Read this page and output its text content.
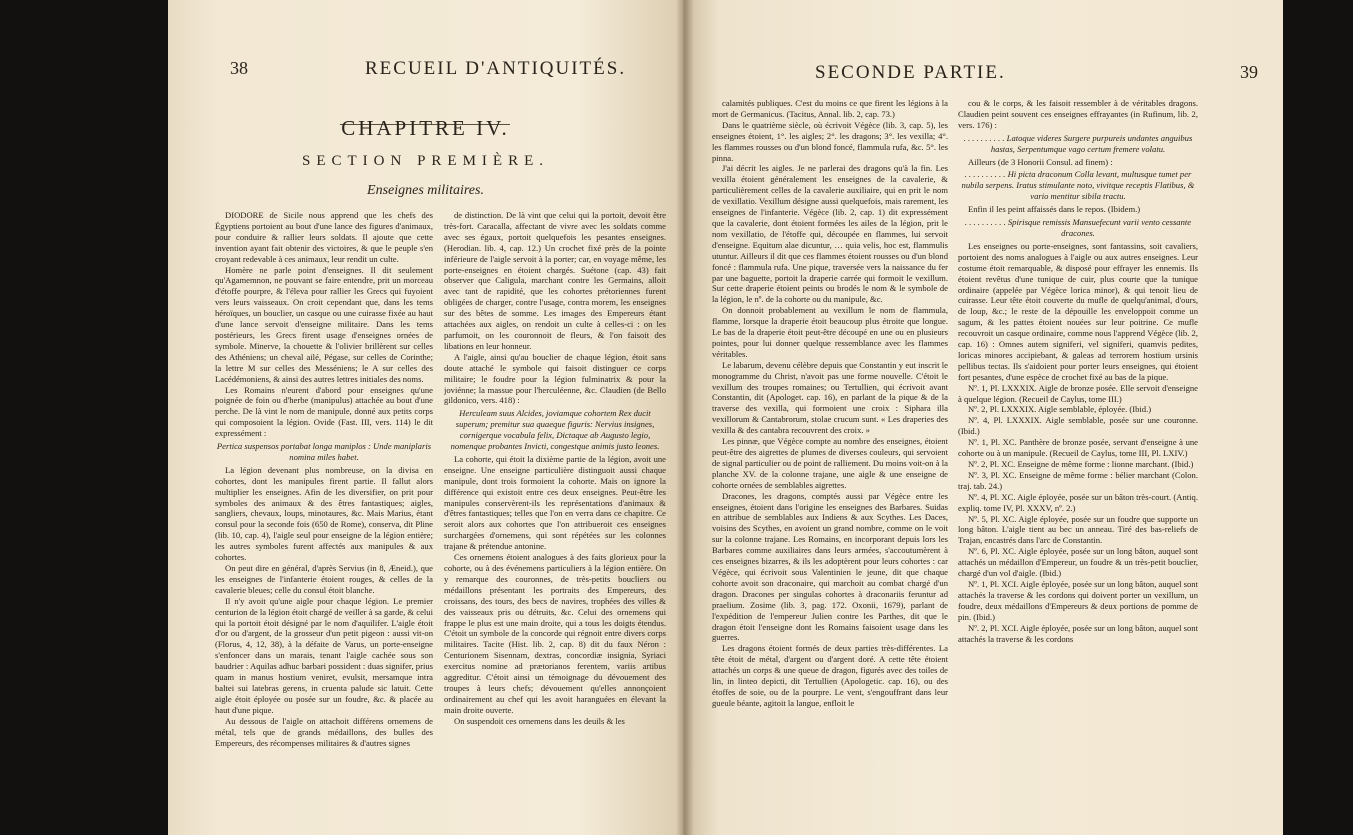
38	RECUEIL D'ANTIQUITÉS.
CHAPITRE IV.
SECTION PREMIÈRE.
Enseignes militaires.

DIODORE de Sicile nous apprend que les chefs des Égyptiens portoient au bout d'une lance des figures d'animaux, pour conduire & rallier leurs soldats. Il ajoute que cette invention ayant fait obtenir des victoires, & que le peuple s'en croyant redevable à ces animaux, leur rendit un culte.

Homère ne parle point d'enseignes. Il dit seulement qu'Agamemnon, ne pouvant se faire entendre, prit un morceau d'étoffe pourpre, & l'éleva pour rallier les Grecs qui fuyoient vers leurs vaisseaux. On croit cependant que, dans les tems héroïques, un bouclier, un casque ou une cuirasse fixée au haut d'une lance servoit d'enseigne militaire. Dans les tems postérieurs, les Grecs firent usage d'enseignes ornées de symbole. Minerve, la chouette & l'olivier brillèrent sur celles des Athéniens; un cheval ailé, Pégase, sur celles de Corinthe; la lettre M sur celles des Messéniens; le A sur celles des Lacédémoniens, & ainsi des autres lettres initiales des noms.

Les Romains n'eurent d'abord pour enseignes qu'une poignée de foin ou d'herbe (manipulus) attachée au bout d'une perche. De là vint le nom de manipule, donné aux petits corps qui composoient la légion. Ovide (Fast. III, vers. 114) le dit expressément :

Pertica suspensos portabat longa maniplos : Unde maniplaris nomina miles habet.

La légion devenant plus nombreuse, on la divisa en cohortes, dont les manipules firent partie. Il fallut alors multiplier les enseignes. Afin de les diversifier, on prit pour symboles des animaux & des êtres fantastiques; aigles, sangliers, chevaux, loups, minotaures, &c. Mais Marius, étant consul pour la seconde fois (650 de Rome), conserva, dit Pline (lib. 10, cap. 4), l'aigle seul pour enseigne de la légion entière; les autres symboles furent affectés aux manipules & aux cohortes.

On peut dire en général, d'après Servius (in 8, Æneid.), que les enseignes de l'infanterie étoient rouges, & celles de la cavalerie bleues; celle du consul étoit blanche.

Il n'y avoit qu'une aigle pour chaque légion. Le premier centurion de la légion étoit chargé de veiller à sa garde, & celui qui la portoit étoit désigné par le nom d'aquilifer. L'aigle étoit d'or ou d'argent, de la grosseur d'un petit pigeon : aussi vit-on (Florus, 4, 12, 38), à la défaite de Varus, un porte-enseigne s'enfoncer dans un marais, tenant l'aigle cachée sous son baudrier : Aquilas adhuc barbari possident : duas signifer, prius quam in manus hostium veniret, evulsit, mersamque intra baltei sui latebras gerens, in cruenta palude sic latuit. Cette aigle étoit éployée ou posée sur un foudre, &c. & placée au haut d'une pique.

Au dessous de l'aigle on attachoit différens ornemens de métal, tels que de grands médaillons, des bulles des Empereurs, des récompenses militaires & d'autres signes

de distinction. De là vint que celui qui la portoit, devoit être très-fort. Caracalla, affectant de vivre avec les soldats comme avec ses égaux, portoit quelquefois les pesantes enseignes. (Herodian. lib. 4, cap. 12.) Un crochet fixé près de la pointe inférieure de l'aigle servoit à la porter; car, en voyage même, les porte-enseignes en étoient chargés. Suétone (cap. 43) fait observer que Caligula, marchant contre les Germains, alloit avec tant de rapidité, que les cohortes prétoriennes furent obligées de charger, contre l'usage, contra morem, les enseignes sur des bêtes de somme. Les images des Empereurs étant attachées aux aigles, on rendoit un culte à celles-ci : on les parfumoit, on les couronnoit de fleurs, & l'on faisoit des libations en leur honneur.

A l'aigle, ainsi qu'au bouclier de chaque légion, étoit sans doute attaché le symbole qui faisoit distinguer ce corps militaire; le foudre pour la légion fulminatrix & pour la joviénne; la massue pour l'herculéenne, &c. Claudien (de Bello gildonico, vers. 418) :

Herculeam suus Alcides, joviamque cohortem Rex ducit superum; premitur sua quaeque figuris: Nervius insignes, cornigerque vocabula felix, Dictaque ab Augusto legio, nomenque probantes Invicti, congestque animis justo leones.

La cohorte, qui étoit la dixième partie de la légion, avoit une enseigne. Une enseigne particulière distinguoit aussi chaque manipule, dont trois formoient la cohorte. Mais on ignore la différence qui existoit entre ces deux enseignes. Peut-être les manipules conservèrent-ils les représentations d'animaux & d'êtres fantastiques; telles que l'on en verra dans ce chapitre. Ce seroit alors aux cohortes que l'on attribueroit ces enseignes surchargées d'ornemens, qui sont répétées sur les colonnes trajane & prétendue antonine.

Ces ornemens étoient analogues à des faits glorieux pour la cohorte, ou à des événemens particuliers à la légion entière. On y remarque des couronnes, de très-petits boucliers ou médaillons présentant les portraits des Empereurs, des croissans, des tours, des becs de navires, trophées des villes & des vaisseaux pris ou détruits, &c. Celui des ornemens qui frappe le plus est une main droite, qui a tous les doigts étendus. C'étoit un symbole de la concorde qui régnoit entre divers corps militaires. Tacite (Hist. lib. 2, cap. 8) dit du faux Néron : Centurionem Sisennam, dextras, concordiæ insignia, Syriaci exercitus nomine ad prætorianos ferentem, variis artibus aggreditur. C'étoit ainsi un témoignage du dévouement des troupes à leurs chefs; dévouement qu'elles annonçoient ordinairement au chef qui les avoit haranguées en élevant la main droite ouverte.

On suspendoit ces ornemens dans les deuils & les

SECONDE PARTIE.	39

calamités publiques. C'est du moins ce que firent les légions à la mort de Germanicus. (Tacitus, Annal. lib. 2, cap. 73.)

Dans le quatrième siècle, où écrivoit Végèce (lib. 3, cap. 5), les enseignes étoient, 1°. les aigles; 2°. les dragons; 3°. les vexilla; 4°. les flammes rousses ou d'un blond foncé, flammula rufa, &c. 5°. les pinna.

J'ai décrit les aigles. Je ne parlerai des dragons qu'à la fin. Les vexilla étoient généralement les enseignes de la cavalerie, & particulièrement celles de la cavalerie auxiliaire, qui en prit le nom de vexillatio. Vexillum désigne aussi quelquefois, mais rarement, les enseignes de l'infanterie. Végèce (lib. 2, cap. 1) dit expressément que la cavalerie, dont étoient formées les ailes de la légion, prit le nom vexillatio, de l'étoffe qui, découpée en flammes, lui servoit d'enseigne. Equitum alae dicuntur, … quia velis, hoc est, flammulis utuntur. Ailleurs il dit que ces flammes étoient rousses ou d'un blond foncé : flammula rufa. Une pique, traversée vers la naissance du fer par une baguette, portoit la draperie carrée qui formoit le vexillum. Sur cette draperie étoient peints ou brodés le nom & le symbole de la légion, le nº. de la cohorte ou du manipule, &c.

On donnoit probablement au vexillum le nom de flammula, flamme, lorsque la draperie étoit beaucoup plus étroite que longue. Le bas de la draperie étoit peut-être découpé en une ou en plusieurs pointes, pour lui donner quelque ressemblance avec les flammes véritables.

Le labarum, devenu célèbre depuis que Constantin y eut inscrit le monogramme du Christ, n'avoit pas une forme nouvelle. C'étoit le vexillum des troupes romaines; ou Tertullien, qui écrivoit avant Constantin, dit (Apologet. cap. 16), en parlant de la pique & de la traverse des vexilla, qui formoient une croix : Siphara illa vexillorum & Cantabrorum, stolae crucum sunt. « Les draperies des vexilla & des cantabra recouvrent des croix. »

Les pinnæ, que Végèce compte au nombre des enseignes, étoient peut-être des aigrettes de plumes de diverses couleurs, qui servoient de signal particulier ou de point de ralliement. Du moins voit-on à la planche XV. de la colonne trajane, une aigle & une enseigne de cohorte ornées de semblables aigrettes.

Dracones, les dragons, comptés aussi par Végèce entre les enseignes, étoient dans l'origine les enseignes des Barbares. Suidas en attribue de semblables aux Indiens & aux Scythes. Les Daces, voisins des Scythes, en avoient un grand nombre, comme on le voit sur la colonne trajane. Les Romains, en incorporant depuis lors les Barbares comme auxiliaires dans leurs armées, s'accoutumèrent à ces enseignes bizarres, & ils les adoptèrent pour leurs cohortes : car Végèce, qui écrivoit sous Valentinien le jeune, dit que chaque cohorte avoit son draconaire, qui marchoit au combat chargé d'un dragon. Dracones per singulas cohortes à draconariis feruntur ad praelium. Zosime (lib. 3, pag. 172. Oxonii, 1679), parlant de l'expédition de l'empereur Julien contre les Parthes, dit que le dragon étoit l'enseigne dont les Romains faisoient usage dans les guerres.

Les dragons étoient formés de deux parties très-différentes. La tête étoit de métal, d'argent ou d'argent doré. A cette tête étoient attachés un corps & une queue de dragon, figurés avec des toiles de lin, in linteo depicti, dit Tertullien (Apologetic. cap. 16), ou des étoffes de soie, ou de la pourpre. Le vent, s'engouffrant dans leur gueule béante, agitoit la langue, enfloit le

cou & le corps, & les faisoit ressembler à de véritables dragons. Claudien peint souvent ces enseignes effrayantes (in Rufinum, lib. 2, vers. 176) :

. . . . . . . . . . Latoque videres Surgere purpureis undantes anguibus hastas, Serpentumque vago certum fremere volatu.

Ailleurs (de 3 Honorii Consul. ad finem) :

. . . . . . . . . . Hi picta draconum Colla levant, multusque tumet per nubila serpens. Iratus stimulante noto, vivitque receptis Flatibus, & vario mentitur sibila tractu.

Enfin il les peint affaissés dans le repos. (Ibidem.)

. . . . . . . . . . Spirisque remissis Mansuefecunt varii vento cessante dracones.

Les enseignes ou porte-enseignes, sont fantassins, soit cavaliers, portoient des noms analogues à l'aigle ou aux autres enseignes. Leur costume étoit remarquable, & disposé pour effrayer les ennemis. Ils étoient revêtus d'une tunique de cuir, plus courte que la tunique ordinaire (appelée par Végèce lorica minor), & qui tenoit lieu de cuirasse. Leur tête étoit couverte du mufle de quelqu'animal, d'ours, de loup, &c.; le reste de la dépouille les enveloppoit comme un sagum, & les pattes étoient nouées sur leur poitrine. Ce mufle recouvroit un casque ordinaire, comme nous l'apprend Végèce (lib. 2, cap. 16) : Omnes autem signiferi, vel signiferi, quamvis pedites, loricas minores accipiebant, & galeas ad terrorem hostium ursinis pellibus tectas. Ils s'aidoient pour porter leurs enseignes, qui étoient fort pesantes, d'une espèce de crochet fixé au bas de la pique.

Nº. 1, Pl. LXXXIX. Aigle de bronze posée. Elle servoit d'enseigne à quelque légion. (Recueil de Caylus, tome III.)

Nº. 2, Pl. LXXXIX. Aigle semblable, éployée. (Ibid.)

Nº. 4, Pl. LXXXIX. Aigle semblable, posée sur une couronne. (Ibid.)

Nº. 1, Pl. XC. Panthère de bronze posée, servant d'enseigne à une cohorte ou à un manipule. (Recueil de Caylus, tome III, Pl. LXIV.)

Nº. 2, Pl. XC. Enseigne de même forme : lionne marchant. (Ibid.)

Nº. 3, Pl. XC. Enseigne de même forme : bélier marchant (Colon. traj. tab. 24.)

Nº. 4, Pl. XC. Aigle éployée, posée sur un bâton très-court. (Antiq. expliq. tome IV, Pl. XXXV, nº. 2.)

Nº. 5, Pl. XC. Aigle éployée, posée sur un foudre que supporte un long bâton. L'aigle tient au bec un anneau. Tiré des bas-reliefs de Trajan, encastrés dans l'arc de Constantin.

Nº. 6, Pl. XC. Aigle éployée, posée sur un long bâton, auquel sont attachés un médaillon d'Empereur, un foudre & un très-petit bouclier, chargé d'un vol d'aigle. (Ibid.)

Nº. 1, Pl. XCI. Aigle éployée, posée sur un long bâton, auquel sont attachés la traverse & les cordons qui doivent porter un vexillum, un foudre, deux médaillons d'Empereurs & deux portions de pomme de pin. (Ibid.)

Nº. 2, Pl. XCI. Aigle éployée, posée sur un long bâton, auquel sont attachés la traverse & les cordons
